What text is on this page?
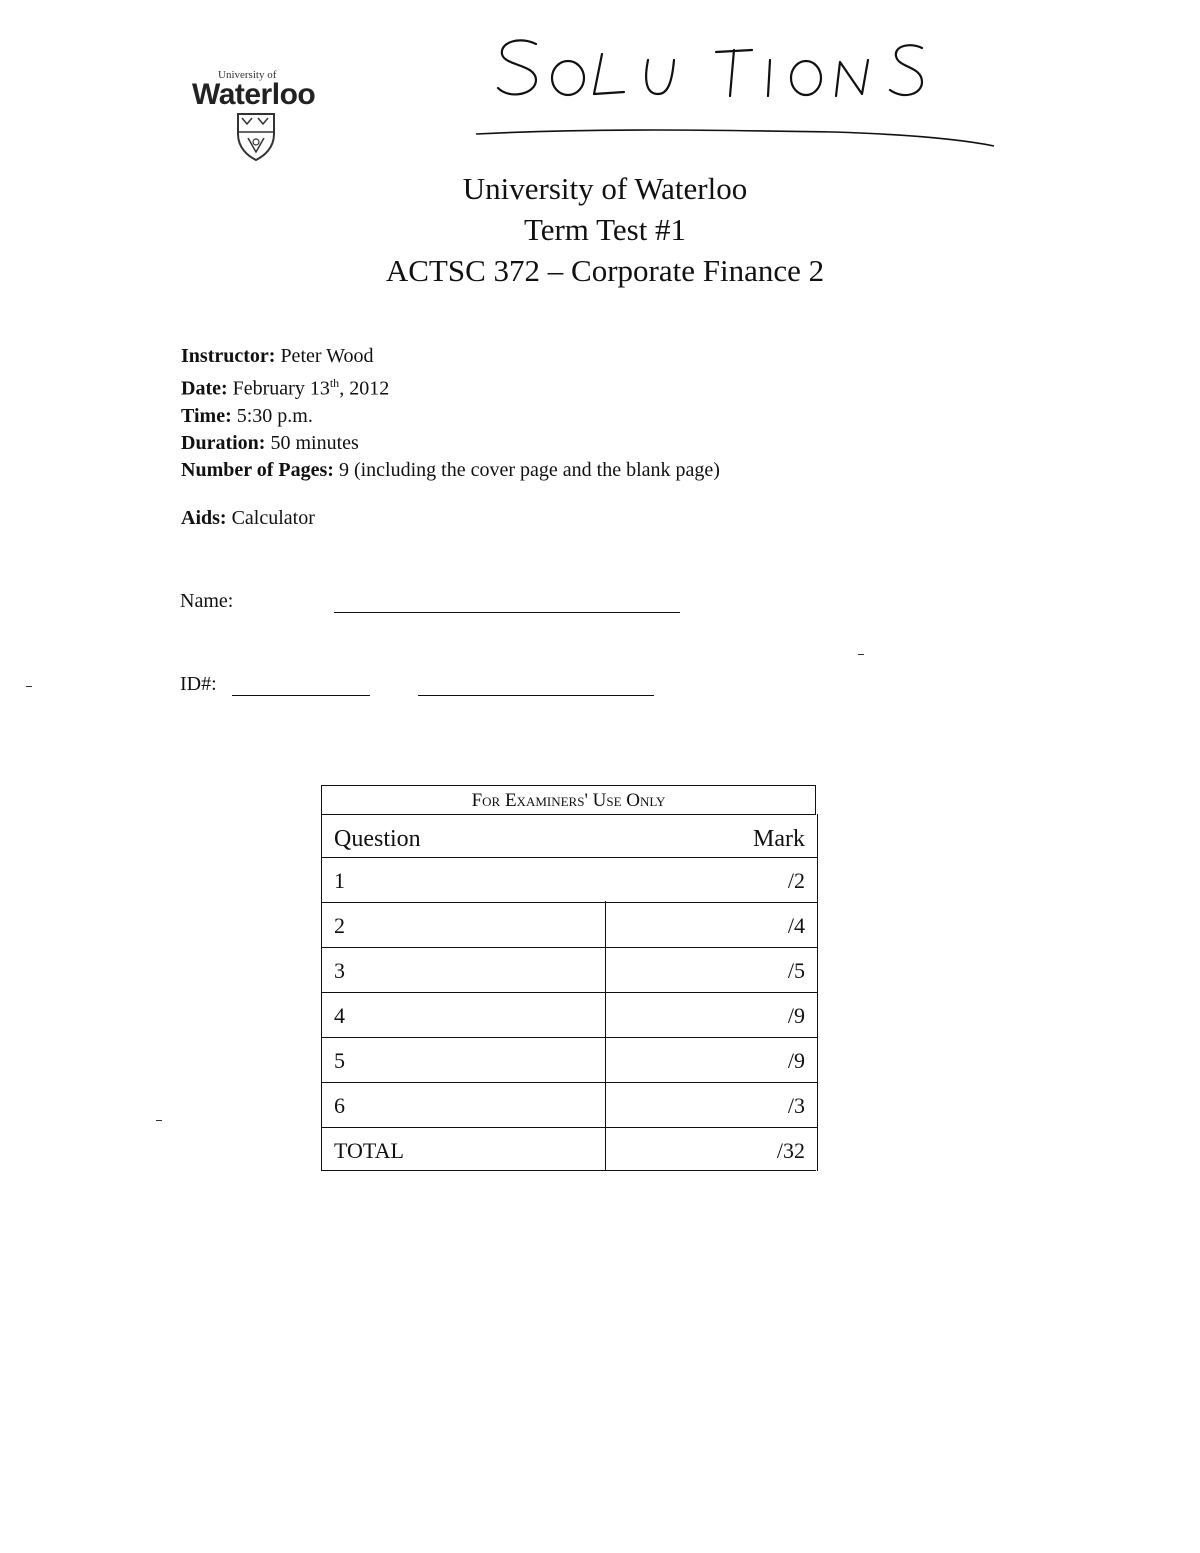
University of
Waterloo
University of Waterloo
Term Test #1
ACTSC 372 – Corporate Finance 2
Instructor: Peter Wood
Date: February 13th, 2012
Time: 5:30 p.m.
Duration: 50 minutes
Number of Pages: 9 (including the cover page and the blank page)
Aids: Calculator
Name:
ID#:
For Examiners' Use Only
Question	Mark
1	/2
2	/4
3	/5
4	/9
5	/9
6	/3
TOTAL	/32
